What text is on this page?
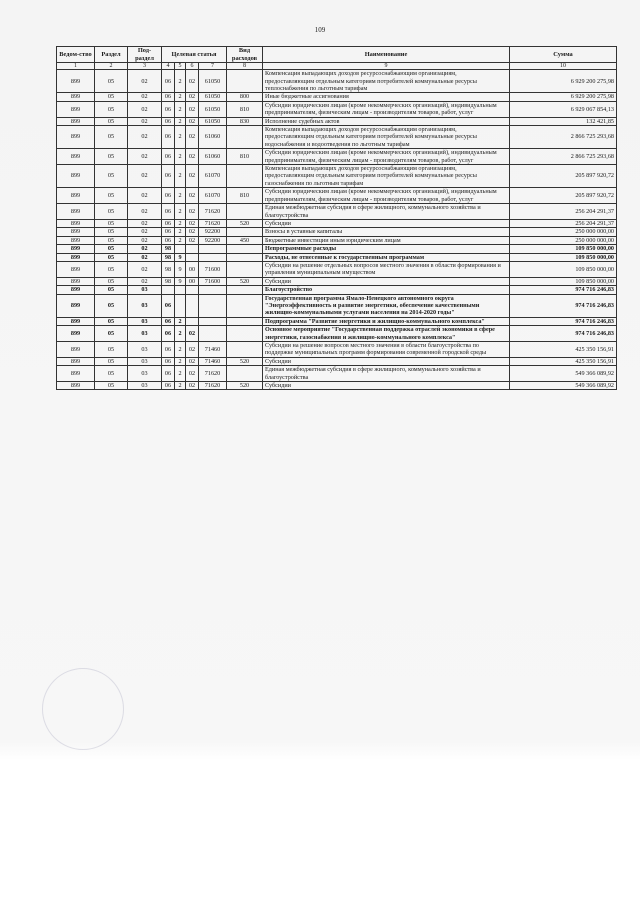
109
Ведом-ство	Раздел	Под-раздел	Целевая статья				Вид расходов	Наименование	Сумма

1	2	3	4	5	6	7	8	9	10
899	05	02	06	2	02	61050		Компенсация выпадающих доходов ресурсоснабжающим организациям, предоставляющим отдельным категориям потребителей коммунальные ресурсы теплоснабжения по льготным тарифам	6 929 200 275,98
899	05	02	06	2	02	61050	800	Иные бюджетные ассигнования	6 929 200 275,98
899	05	02	06	2	02	61050	810	Субсидии юридическим лицам (кроме некоммерческих организаций), индивидуальным предпринимателям, физическим лицам - производителям товаров, работ, услуг	6 929 067 854,13
899	05	02	06	2	02	61050	830	Исполнение судебных актов	132 421,85
899	05	02	06	2	02	61060		Компенсация выпадающих доходов ресурсоснабжающим организациям, предоставляющим отдельным категориям потребителей коммунальные ресурсы водоснабжения и водоотведения по льготным тарифам	2 866 725 293,68
899	05	02	06	2	02	61060	810	Субсидии юридическим лицам (кроме некоммерческих организаций), индивидуальным предпринимателям, физическим лицам - производителям товаров, работ, услуг	2 866 725 293,68
899	05	02	06	2	02	61070		Компенсация выпадающих доходов ресурсоснабжающим организациям, предоставляющим отдельным категориям потребителей коммунальные ресурсы газоснабжения по льготным тарифам	205 897 920,72
899	05	02	06	2	02	61070	810	Субсидии юридическим лицам (кроме некоммерческих организаций), индивидуальным предпринимателям, физическим лицам - производителям товаров, работ, услуг	205 897 920,72
899	05	02	06	2	02	71620		Единая межбюджетная субсидия в сфере жилищного, коммунального хозяйства и благоустройства	256 204 291,37
899	05	02	06	2	02	71620	520	Субсидии	256 204 291,37
899	05	02	06	2	02	92200		Взносы в уставные капиталы	250 000 000,00
899	05	02	06	2	02	92200	450	Бюджетные инвестиции иным юридическим лицам	250 000 000,00
899	05	02	98					Непрограммные расходы	109 850 000,00
899	05	02	98	9				Расходы, не отнесенные к государственным программам	109 850 000,00
899	05	02	98	9	00	71600		Субсидии на решение отдельных вопросов местного значения в области формирования и управления муниципальным имуществом	109 850 000,00
899	05	02	98	9	00	71600	520	Субсидии	109 850 000,00
899	05	03						Благоустройство	974 716 246,83
899	05	03	06					Государственная программа Ямало-Ненецкого автономного округа "Энергоэффективность и развитие энергетики, обеспечение качественными жилищно-коммунальными услугами населения на 2014-2020 годы"	974 716 246,83
899	05	03	06	2				Подпрограмма "Развитие энергетики и жилищно-коммунального комплекса"	974 716 246,83
899	05	03	06	2	02			Основное мероприятие "Государственная поддержка отраслей экономики в сфере энергетики, газоснабжения и жилищно-коммунального комплекса"	974 716 246,83
899	05	03	06	2	02	71460		Субсидии на решение вопросов местного значения в области благоустройства по поддержке муниципальных программ формирования современной городской среды	425 350 156,91
899	05	03	06	2	02	71460	520	Субсидии	425 350 156,91
899	05	03	06	2	02	71620		Единая межбюджетная субсидия в сфере жилищного, коммунального хозяйства и благоустройства	549 366 089,92
899	05	03	06	2	02	71620	520	Субсидии	549 366 089,92
